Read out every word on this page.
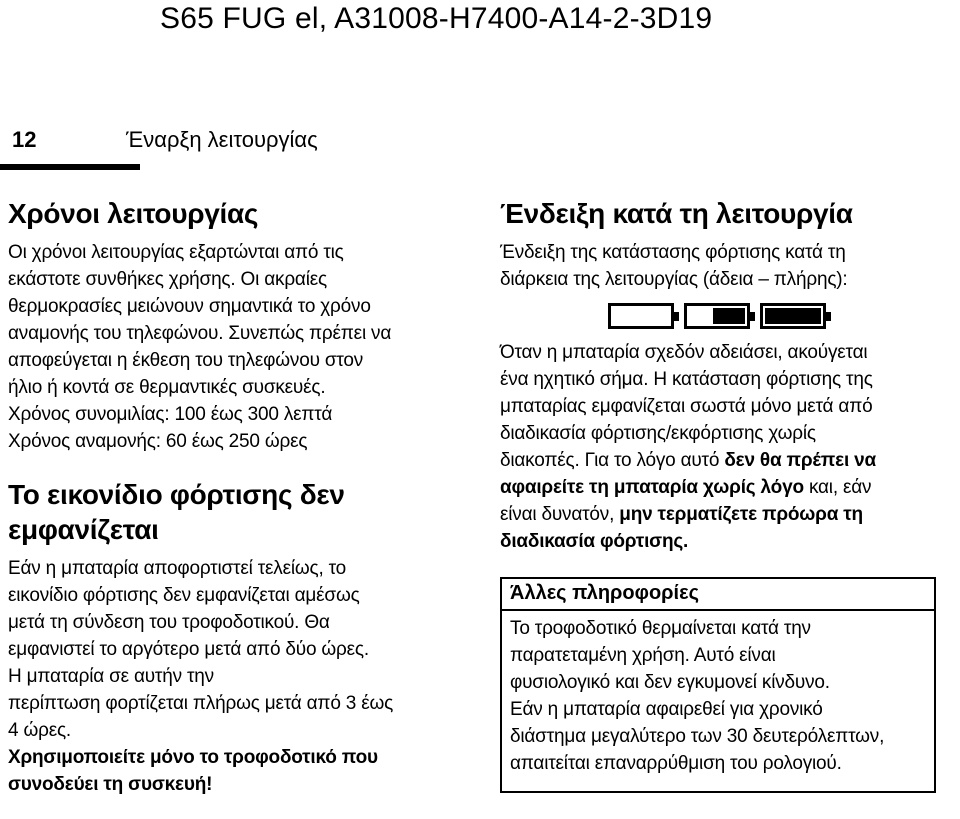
S65 FUG el, A31008-H7400-A14-2-3D19
12	Έναρξη λειτουργίας
Χρόνοι λειτουργίας

Οι χρόνοι λειτουργίας εξαρτώνται από τις

εκάστοτε συνθήκες χρήσης. Οι ακραίες

θερμοκρασίες μειώνουν σημαντικά το χρόνο

αναμονής του τηλεφώνου. Συνεπώς πρέπει να

αποφεύγεται η έκθεση του τηλεφώνου στον

ήλιο ή κοντά σε θερμαντικές συσκευές.

Χρόνος συνομιλίας: 100 έως 300 λεπτά

Χρόνος αναμονής: 60 έως 250 ώρες

Το εικονίδιο φόρτισης δεν
εμφανίζεται

Εάν η μπαταρία αποφορτιστεί τελείως, το

εικονίδιο φόρτισης δεν εμφανίζεται αμέσως

μετά τη σύνδεση του τροφοδοτικού. Θα

εμφανιστεί το αργότερο μετά από δύο ώρες.

Η μπαταρία σε αυτήν την

περίπτωση φορτίζεται πλήρως μετά από 3 έως

4 ώρες.

Χρησιμοποιείτε μόνο το τροφοδοτικό που

συνοδεύει τη συσκευή!

Ένδειξη κατά τη λειτουργία

Ένδειξη της κατάστασης φόρτισης κατά τη

διάρκεια της λειτουργίας (άδεια – πλήρης):

Όταν η μπαταρία σχεδόν αδειάσει, ακούγεται

ένα ηχητικό σήμα. Η κατάσταση φόρτισης της

μπαταρίας εμφανίζεται σωστά μόνο μετά από

διαδικασία φόρτισης/εκφόρτισης χωρίς

διακοπές. Για το λόγο αυτό δεν θα πρέπει να

αφαιρείτε τη μπαταρία χωρίς λόγο και, εάν

είναι δυνατόν, μην τερματίζετε πρόωρα τη

διαδικασία φόρτισης.

Άλλες πληροφορίες

Το τροφοδοτικό θερμαίνεται κατά την

παρατεταμένη χρήση. Αυτό είναι

φυσιολογικό και δεν εγκυμονεί κίνδυνο.

Εάν η μπαταρία αφαιρεθεί για χρονικό

διάστημα μεγαλύτερο των 30 δευτερόλεπτων,

απαιτείται επαναρρύθμιση του ρολογιού.
